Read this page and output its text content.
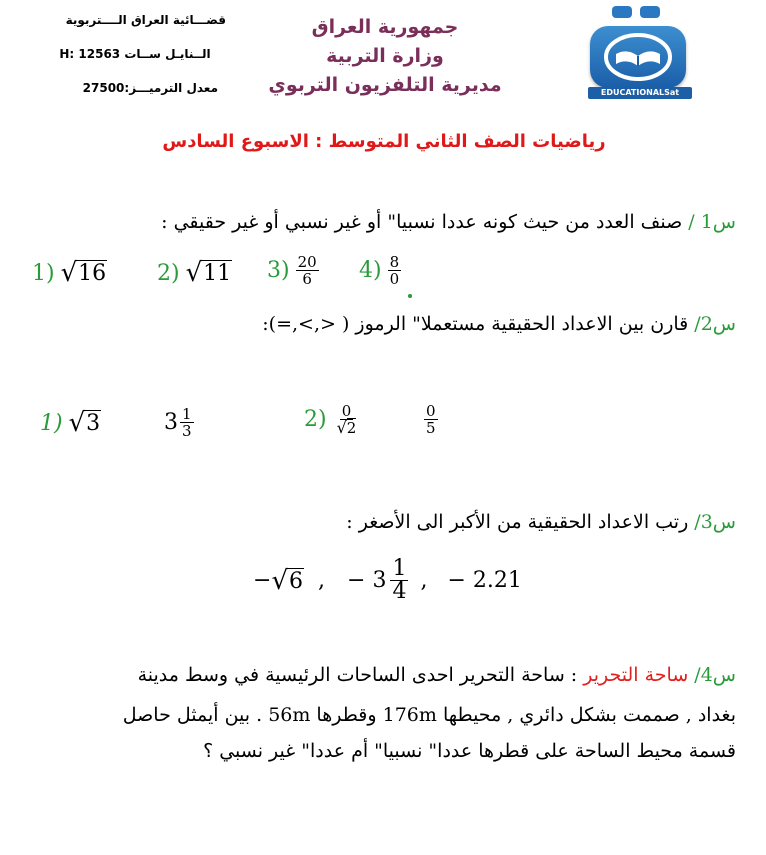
قضـــائية العراق الــــتربوية
الــنايـل ســات 12563 :H
معدل الترميـــز:27500
جمهورية العراق
وزارة التربية
مديرية التلفزيون التربوي	EDUCATIONALSat
رياضيات الصف الثاني المتوسط : الاسبوع السادس
س1 / صنف العدد من حيث كونه عددا نسبيا" أو غير نسبي أو غير حقيقي :
1) √ 16 2) √ 11 $3) \frac{20}{6} 4) \frac{8}{0}$
س2/ قارن بين الاعداد الحقيقية مستعملا" الرموز ( <,>,=):
1) √ 3	$3 \frac{1}{3}$	$2) \frac{0}{√2}$	$\frac{0}{5}$
س3/ رتب الاعداد الحقيقية من الأكبر الى الأصغر :
− √ 6 , − $3 \frac{1}{4}$ , − 2.21
س4/ ساحة التحرير : ساحة التحرير احدى الساحات الرئيسية في وسط مدينة
بغداد , صممت بشكل دائري , محيطها 176m وقطرها 56m . بين أيمثل حاصل
قسمة محيط الساحة على قطرها عددا" نسبيا" أم عددا" غير نسبي ؟
